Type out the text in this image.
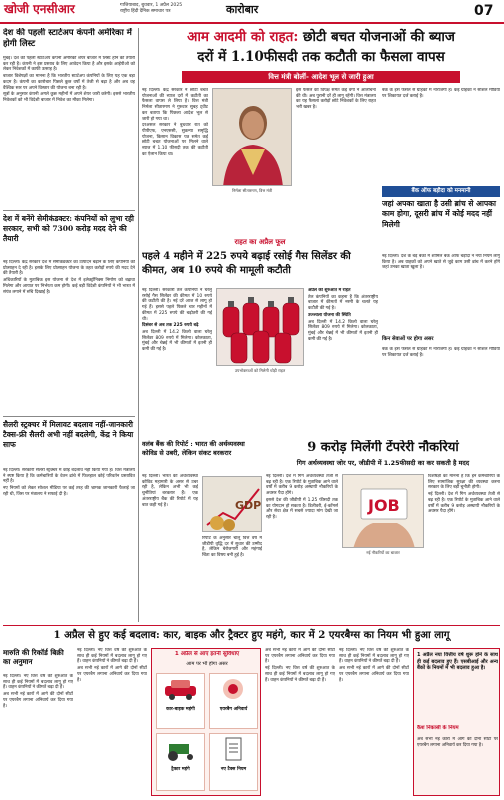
खोजी एनसीआर	गाजियाबाद, बुधवार, 1 अप्रैल 2025
राष्ट्रीय हिंदी दैनिक समाचार पत्र	कारोबार	07
देश की पहली स्टार्टअप कंपनी अमेरिका में होगी लिस्ट
मुंबई। देश की पहली स्टार्टअप कंपनी अमेरिकी शेयर बाजार में लिस्ट होने की तैयारी कर रही है। कंपनी ने इस प्रस्ताव के लिए आवेदन किया है और इसके आईपीओ को लेकर निवेशकों में काफी उत्साह है।
बाजार विशेषज्ञों का मानना है कि भारतीय स्टार्टअप कंपनियों के लिए यह एक बड़ा कदम है। कंपनी का कारोबार पिछले कुछ वर्षों में तेजी से बढ़ा है और अब वह वैश्विक स्तर पर अपने विस्तार की योजना बना रही है।
सूत्रों के अनुसार कंपनी अगले कुछ महीनों में अपने शेयर जारी करेगी। इससे भारतीय निवेशकों को भी विदेशी बाजार में निवेश का मौका मिलेगा।
देश में बनेंगे सेमीकंडक्टर: कंपनियों को लुभा रही सरकार, सभी को 7300 करोड़ मदद देने की तैयारी
नई दिल्ली। केंद्र सरकार देश में सेमीकंडक्टर का उत्पादन बढ़ाने के लिए कंपनियों को प्रोत्साहन दे रही है। इसके लिए प्रोत्साहन योजना के तहत करोड़ों रुपये की मदद देने की तैयारी है।
अधिकारियों के मुताबिक इस योजना से देश में इलेक्ट्रॉनिक्स निर्माण को बढ़ावा मिलेगा और आयात पर निर्भरता कम होगी। कई बड़ी विदेशी कंपनियों ने भी भारत में संयंत्र लगाने में रुचि दिखाई है।
सैलरी स्ट्रक्चर में मिलावट बदलाव नहीं-जानकारी टैक्स-फ्री सैलरी अभी नहीं बदलेगी, केंद्र ने किया साफ
नई दिल्ली। सरकारी सैलरी स्ट्रक्चर में कोई बदलाव नहीं किया गया है। वित्त मंत्रालय ने स्पष्ट किया है कि कर्मचारियों के वेतन ढांचे में फिलहाल कोई परिवर्तन प्रस्तावित नहीं है।
नए नियमों को लेकर सोशल मीडिया पर कई तरह की भ्रामक जानकारी फैलाई जा रही थी, जिस पर मंत्रालय ने सफाई दी है।
आम आदमी को राहत: छोटी बचत योजनाओं की ब्याज
दरों में 1.10फीसदी तक कटौती का फैसला वापस
वित्त मंत्री बोलीं- आदेश भूल से जारी हुआ
नई दिल्ली। केंद्र सरकार ने छोटी बचत योजनाओं की ब्याज दरों में कटौती का फैसला वापस ले लिया है। वित्त मंत्री निर्मला सीतारमण ने गुरुवार सुबह ट्वीट कर बताया कि पिछला आदेश भूल से जारी हो गया था।
दरअसल सरकार ने बुधवार रात को पीपीएफ, एनएससी, सुकन्या समृद्धि योजना, किसान विकास पत्र समेत कई छोटी बचत योजनाओं पर मिलने वाले ब्याज में 1.10 फीसदी तक की कटौती का ऐलान किया था।
निर्मला सीतारमण, वित्त मंत्री
इस फैसले की विपक्ष समेत कई वर्गों ने आलोचना की थी। अब पुरानी दरें ही लागू रहेंगी। वित्त मंत्रालय का यह फैसला करोड़ों छोटे निवेशकों के लिए राहत भरी खबर है।
बैंक के इस फैसले से ग्राहकों में नाराजगी है। कई ग्राहकों ने सोशल मीडिया पर शिकायत दर्ज कराई है।
बैंक ऑफ बड़ौदा को मनमानी
जहां अपका खाता है उसी ब्रांच से आपका काम होगा, दूसरी ब्रांच में कोई मदद नहीं मिलेगी
नई दिल्ली। देश के बड़े बैंकों में शामिल बैंक ऑफ बड़ौदा ने नया नियम लागू किया है। अब ग्राहकों को अपने खाते से जुड़े काम उसी ब्रांच में करने होंगे जहां उनका खाता खुला है।
किन सेवाओं पर होगा असर
बैंक के इस फैसले से ग्राहकों में नाराजगी है। कई ग्राहकों ने सोशल मीडिया पर शिकायत दर्ज कराई है।
राहत का अप्रैल फूल
पहले 4 महीने में 225 रुपये बढ़ाई रसोई गैस सिलेंडर की कीमत, अब 10 रुपये की मामूली कटौती
नई दिल्ली। सरकारी तेल कंपनियों ने घरेलू रसोई गैस सिलेंडर की कीमत में 10 रुपये की कटौती की है। नई दरें आज से लागू हो गई हैं। इससे पहले पिछले चार महीनों में कीमत में 225 रुपये की बढ़ोतरी की गई थी।
दिसंबर से अब तक 225 रुपये बढ़े
अब दिल्ली में 14.2 किलो वाला घरेलू सिलेंडर 809 रुपये में मिलेगा। कोलकाता, मुंबई और चेन्नई में भी कीमतों में इतनी ही कमी की गई है।
उपभोक्ताओं को मिलेगी थोड़ी राहत
अप्रैल की शुरुआत में राहत
तेल कंपनियों का कहना है कि अंतरराष्ट्रीय बाजार में कीमतों में नरमी के चलते यह कटौती की गई है।
उज्ज्वला योजना की स्थिति
अब दिल्ली में 14.2 किलो वाला घरेलू सिलेंडर 809 रुपये में मिलेगा। कोलकाता, मुंबई और चेन्नई में भी कीमतों में इतनी ही कमी की गई है।
वलंब बैंक की रिपोर्ट : भारत की अर्थव्यवस्था कोविड से उबरी, लेकिन संकट बरकरार
नई दिल्ली। भारत की अर्थव्यवस्था कोविड महामारी के असर से उबर रही है, लेकिन अभी भी कई चुनौतियां बरकरार हैं। एक अंतरराष्ट्रीय बैंक की रिपोर्ट में यह बात कही गई है।	GDP
रिपोर्ट के अनुसार चालू वित्त वर्ष में जीडीपी वृद्धि दर में सुधार की उम्मीद है, लेकिन बेरोजगारी और महंगाई चिंता का विषय बनी हुई है।
9 करोड़ मिलेंगी टेंपरेरी नौकरियां
गिग अर्थव्यवस्था जोर पर, जीडीपी में 1.25फीसदी का कर सकती है मदद
नई दिल्ली। देश में गिग अर्थव्यवस्था तेजी से बढ़ रही है। एक रिपोर्ट के मुताबिक आने वाले वर्षों में करीब 9 करोड़ अस्थायी नौकरियों के अवसर पैदा होंगे।
इससे देश की जीडीपी में 1.25 फीसदी तक का योगदान हो सकता है। डिलीवरी, ई-कॉमर्स और सेवा क्षेत्र में सबसे ज्यादा मांग देखी जा रही है।
JOB
नई नौकरियों का बाजार
विशेषज्ञों का मानना है कि इन कर्मचारियों के लिए सामाजिक सुरक्षा की व्यवस्था करना सरकार के लिए बड़ी चुनौती होगी।
नई दिल्ली। देश में गिग अर्थव्यवस्था तेजी से बढ़ रही है। एक रिपोर्ट के मुताबिक आने वाले वर्षों में करीब 9 करोड़ अस्थायी नौकरियों के अवसर पैदा होंगे।
1 अप्रैल से हुए कई बदलाव: कार, बाइक और ट्रैक्टर हुए महंगे, कार में 2 एयरबैग्स का नियम भी हुआ लागू
मारुति की रिकॉर्ड बिक्री का अनुमान
नई दिल्ली। नए वित्त वर्ष की शुरुआत के साथ ही कई नियमों में बदलाव लागू हो गए हैं। वाहन कंपनियों ने कीमतें बढ़ा दी हैं।
अब सभी नई कारों में आगे की दोनों सीटों पर एयरबैग लगाना अनिवार्य कर दिया गया है।
नई दिल्ली। नए वित्त वर्ष की शुरुआत के साथ ही कई नियमों में बदलाव लागू हो गए हैं। वाहन कंपनियों ने कीमतें बढ़ा दी हैं।
अब सभी नई कारों में आगे की दोनों सीटों पर एयरबैग लगाना अनिवार्य कर दिया गया है।
1 अप्रैल से आएं इतनी सुविधाएं
आम पर भी होगा असर
कार-बाइक महंगी	एयरबैग अनिवार्य
ट्रैक्टर महंगे	नए टैक्स नियम
अब सभी नई कारों में आगे की दोनों सीटों पर एयरबैग लगाना अनिवार्य कर दिया गया है।
नई दिल्ली। नए वित्त वर्ष की शुरुआत के साथ ही कई नियमों में बदलाव लागू हो गए हैं। वाहन कंपनियों ने कीमतें बढ़ा दी हैं।
नई दिल्ली। नए वित्त वर्ष की शुरुआत के साथ ही कई नियमों में बदलाव लागू हो गए हैं। वाहन कंपनियों ने कीमतें बढ़ा दी हैं।
अब सभी नई कारों में आगे की दोनों सीटों पर एयरबैग लगाना अनिवार्य कर दिया गया है।
1 अप्रैल नया वित्तीय वर्ष शुरू होने के साथ ही कई बदलाव हुए हैं। एसबीआई और अन्य बैंकों के नियमों में भी बदलाव हुआ है।
कैश निकासी के नियम
अब सभी नई कारों में आगे की दोनों सीटों पर एयरबैग लगाना अनिवार्य कर दिया गया है।
